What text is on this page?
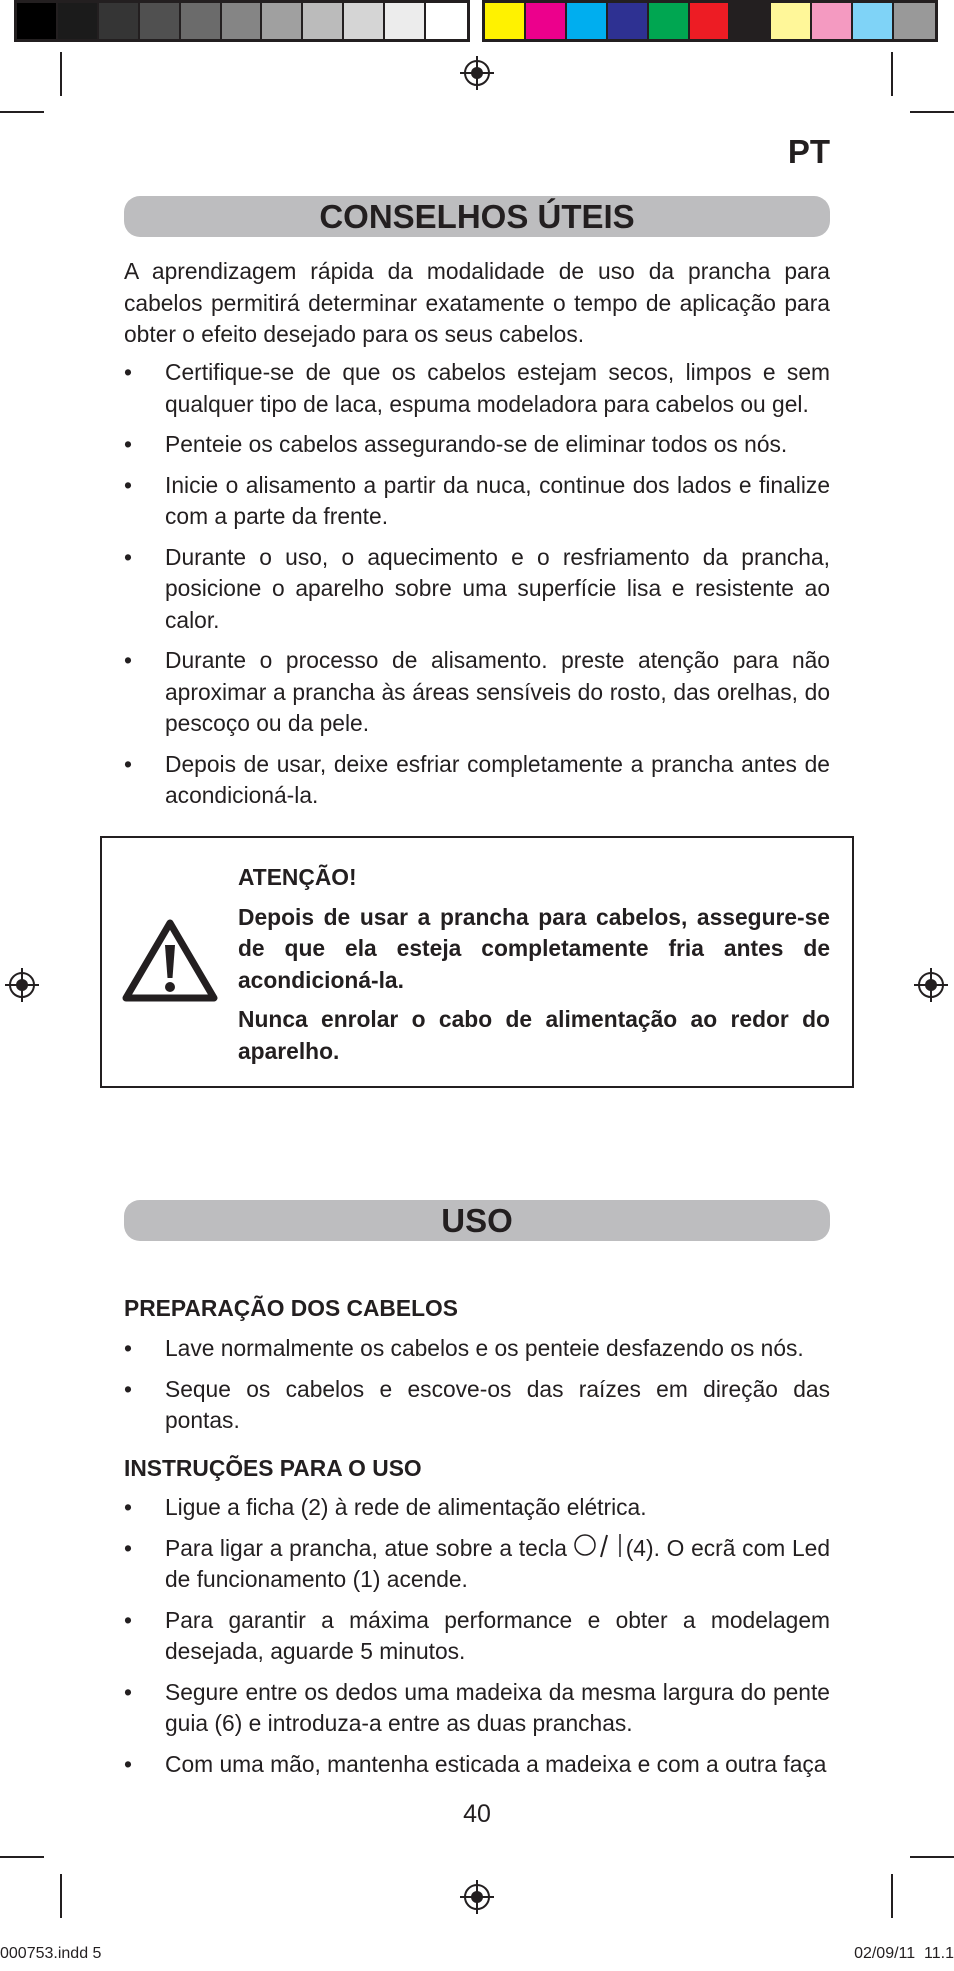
PT
CONSELHOS ÚTEIS
A aprendizagem rápida da modalidade de uso da prancha para cabelos permitirá determinar exatamente o tempo de aplicação para obter o efeito desejado para os seus cabelos.
• Certifique-se de que os cabelos estejam secos, limpos e sem qualquer tipo de laca, espuma modeladora para cabelos ou gel.
• Penteie os cabelos assegurando-se de eliminar todos os nós.
• Inicie o alisamento a partir da nuca, continue dos lados e finalize com a parte da frente.
• Durante o uso, o aquecimento e o resfriamento da prancha, posicione o aparelho sobre uma superfície lisa e resistente ao calor.
• Durante o processo de alisamento. preste atenção para não aproximar a prancha às áreas sensíveis do rosto, das orelhas, do pescoço ou da pele.
• Depois de usar, deixe esfriar completamente a prancha antes de acondicioná-la.

ATENÇÃO!

Depois de usar a prancha para cabelos, assegure-se de que ela esteja completamente fria antes de acondicioná-la.

Nunca enrolar o cabo de alimentação ao redor do aparelho.

USO
PREPARAÇÃO DOS CABELOS
• Lave normalmente os cabelos e os penteie desfazendo os nós.
• Seque os cabelos e escove-os das raízes em direção das pontas.
INSTRUÇÕES PARA O USO
• Ligue a ficha (2) à rede de alimentação elétrica.
• Para ligar a prancha, atue sobre a tecla (4). O ecrã com Led de funcionamento (1) acende.
• Para garantir a máxima performance e obter a modelagem desejada, aguarde 5 minutos.
• Segure entre os dedos uma madeixa da mesma largura do pente guia (6) e introduza-a entre as duas pranchas.
• Com uma mão, mantenha esticada a madeixa e com a outra faça
40
000753.indd 5	02/09/11  11.1
